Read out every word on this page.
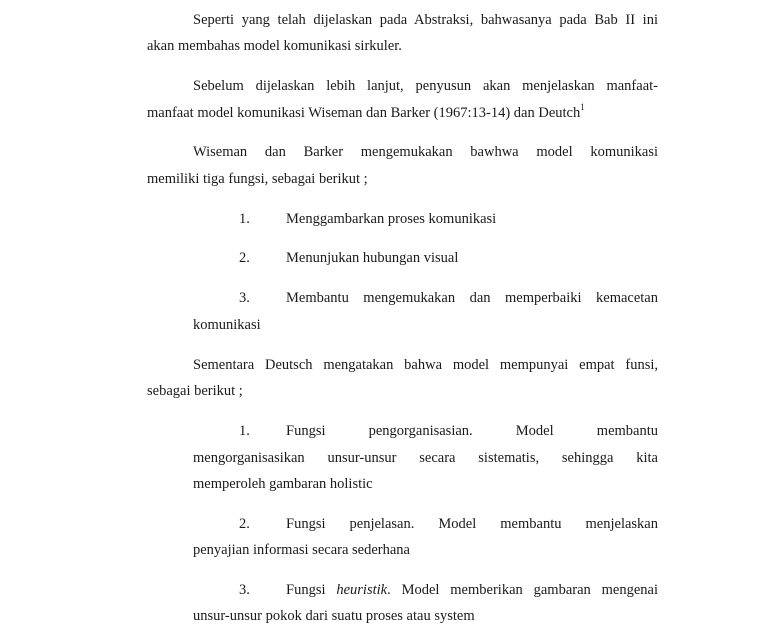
Seperti yang telah dijelaskan pada Abstraksi, bahwasanya pada Bab II ini
akan membahas model komunikasi sirkuler.
Sebelum dijelaskan lebih lanjut, penyusun akan menjelaskan manfaat-
manfaat model komunikasi Wiseman dan Barker (1967:13-14) dan Deutch$^1$
Wiseman dan Barker mengemukakan bawhwa model komunikasi
memiliki tiga fungsi, sebagai berikut ;
1. Menggambarkan proses komunikasi
2. Menunjukan hubungan visual
3. Membantu mengemukakan dan memperbaiki kemacetan
komunikasi
Sementara Deutsch mengatakan bahwa model mempunyai empat funsi,
sebagai berikut ;
1. Fungsi pengorganisasian. Model membantu
mengorganisasikan unsur-unsur secara sistematis, sehingga kita
memperoleh gambaran holistic
2. Fungsi penjelasan. Model membantu menjelaskan
penyajian informasi secara sederhana
3. Fungsi heuristik. Model memberikan gambaran mengenai
unsur-unsur pokok dari suatu proses atau system
